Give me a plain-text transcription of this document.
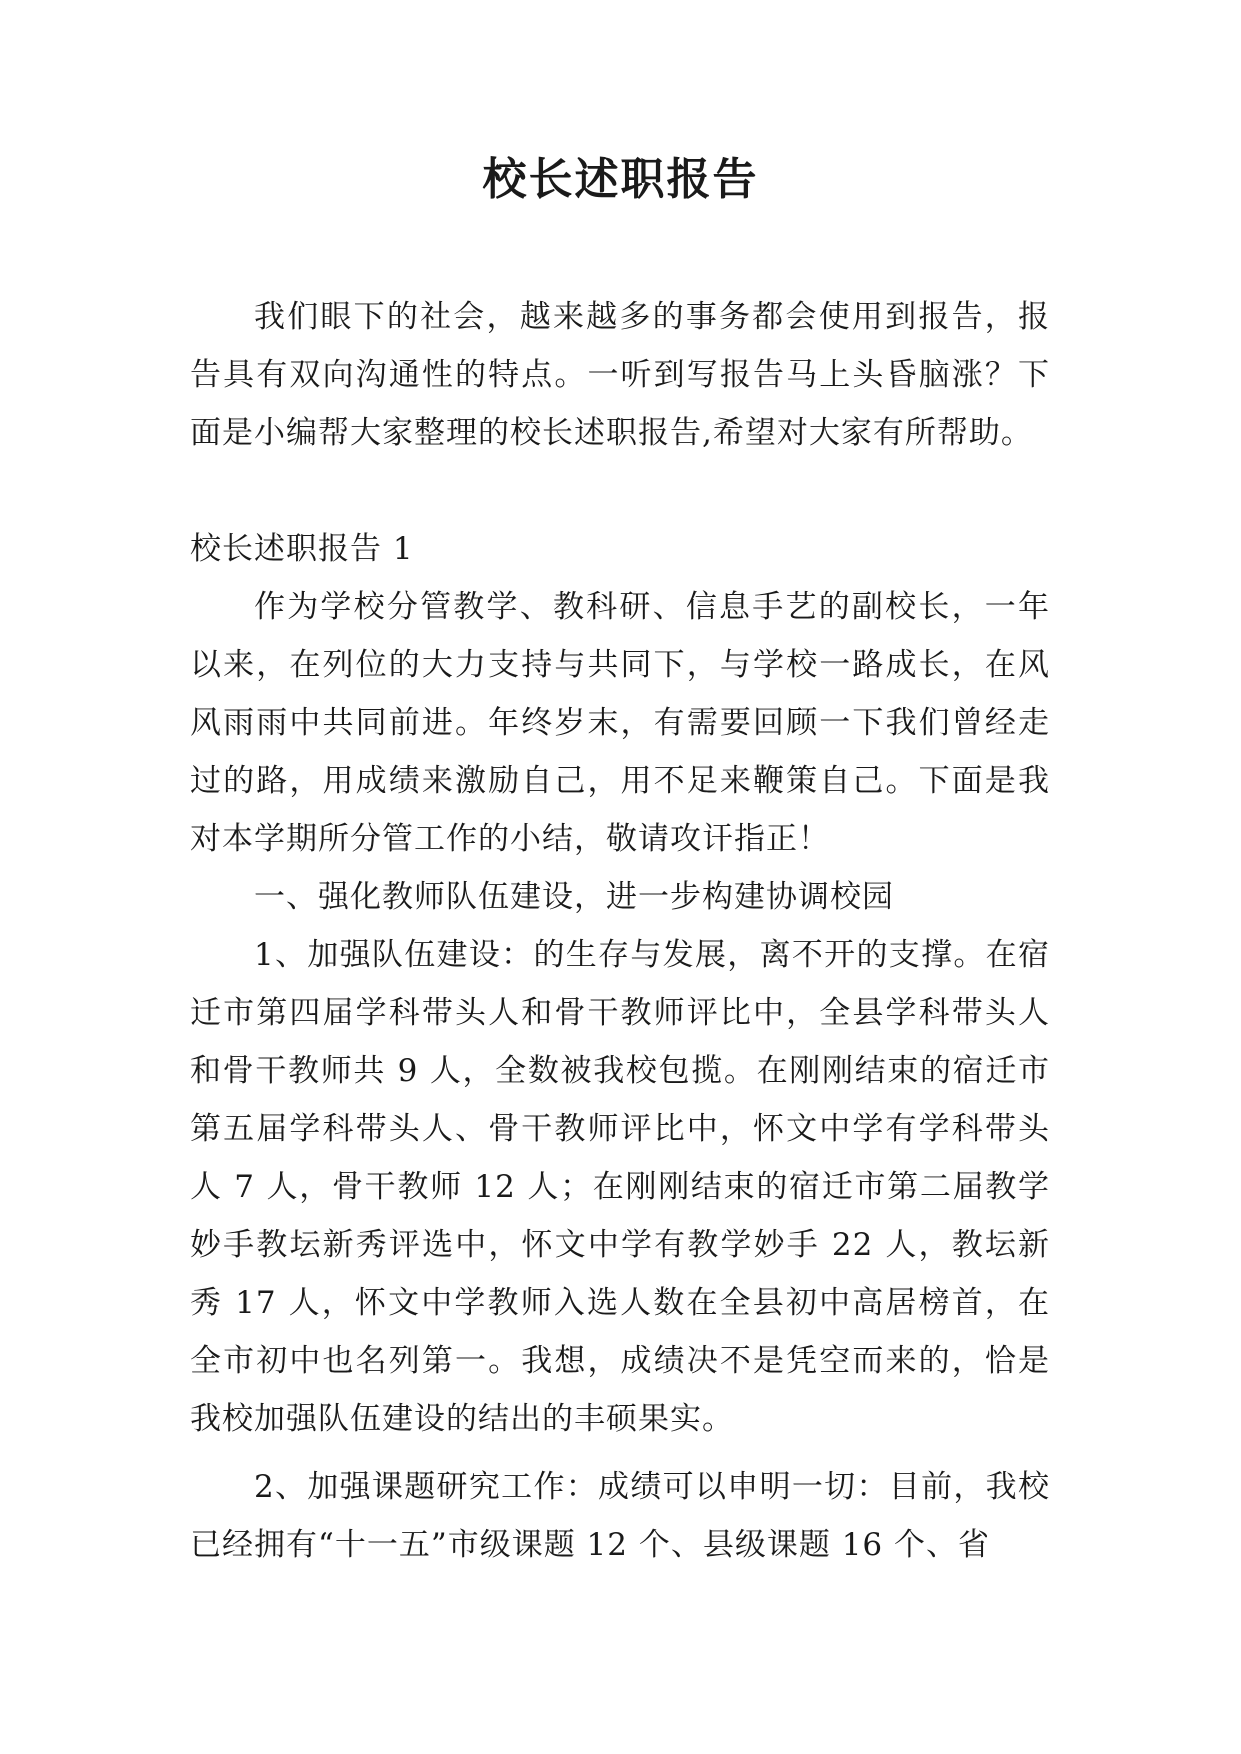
校长述职报告
我们眼下的社会，越来越多的事务都会使用到报告，报告具有双向沟通性的特点。一听到写报告马上头昏脑涨？下面是小编帮大家整理的校长述职报告,希望对大家有所帮助。
校长述职报告 1

作为学校分管教学、教科研、信息手艺的副校长，一年以来，在列位的大力支持与共同下，与学校一路成长，在风风雨雨中共同前进。年终岁末，有需要回顾一下我们曾经走过的路，用成绩来激励自己，用不足来鞭策自己。下面是我对本学期所分管工作的小结，敬请攻讦指正！

一、强化教师队伍建设，进一步构建协调校园

1、加强队伍建设：的生存与发展，离不开的支撑。在宿迁市第四届学科带头人和骨干教师评比中，全县学科带头人和骨干教师共 9 人，全数被我校包揽。在刚刚结束的宿迁市第五届学科带头人、骨干教师评比中，怀文中学有学科带头人 7 人，骨干教师 12 人；在刚刚结束的宿迁市第二届教学妙手教坛新秀评选中，怀文中学有教学妙手 22 人，教坛新秀 17 人，怀文中学教师入选人数在全县初中高居榜首，在全市初中也名列第一。我想，成绩决不是凭空而来的，恰是我校加强队伍建设的结出的丰硕果实。

2、加强课题研究工作：成绩可以申明一切：目前，我校已经拥有“十一五”市级课题 12 个、县级课题 16 个、省
